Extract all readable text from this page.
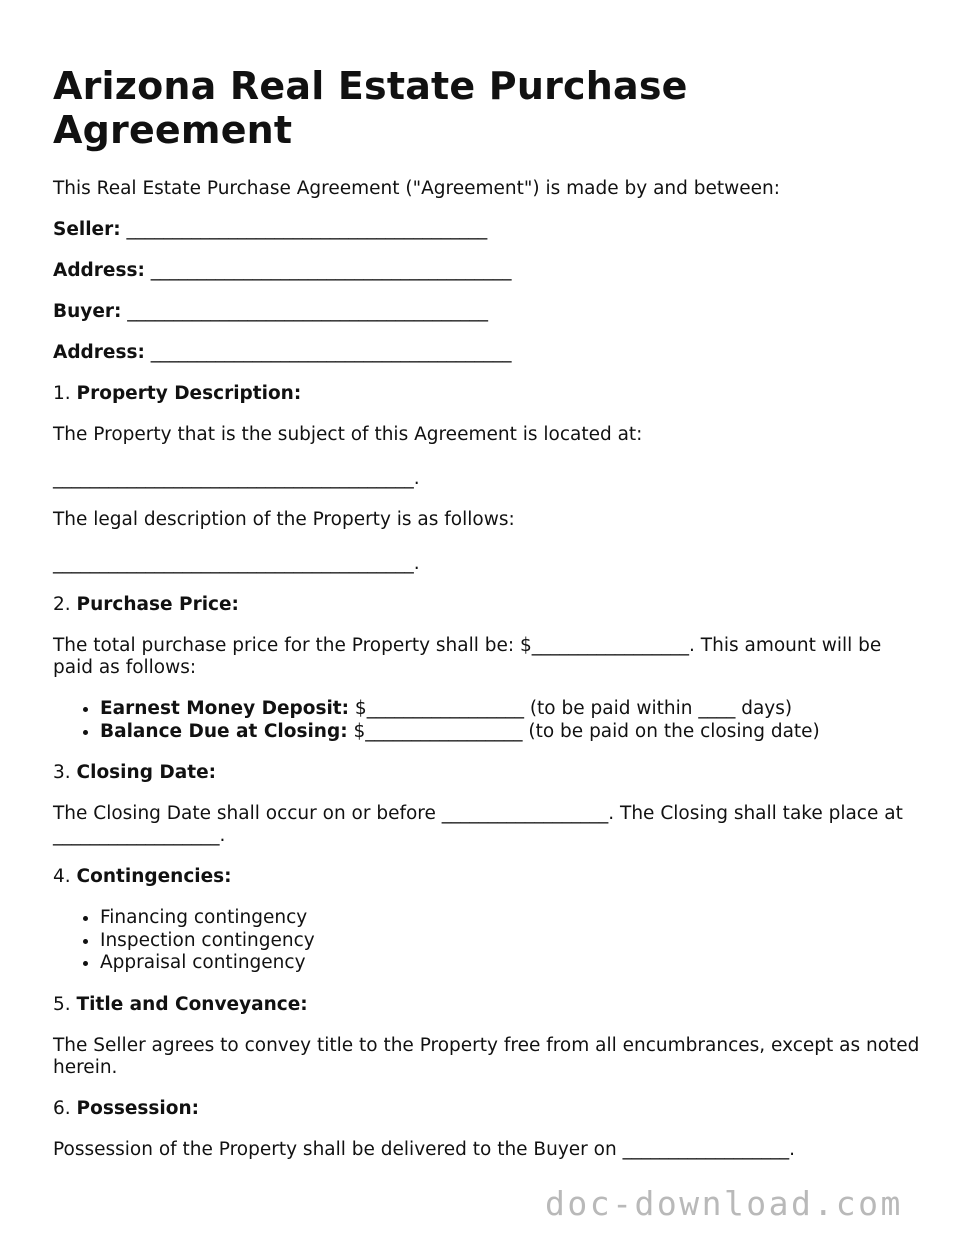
Arizona Real Estate Purchase Agreement

This Real Estate Purchase Agreement ("Agreement") is made by and between:

Seller: _______________________________________

Address: _______________________________________

Buyer: _______________________________________

Address: _______________________________________

1. Property Description:

The Property that is the subject of this Agreement is located at:

_______________________________________.

The legal description of the Property is as follows:

_______________________________________.

2. Purchase Price:

The total purchase price for the Property shall be: $_________________. This amount will be paid as follows:

• Earnest Money Deposit: $_________________ (to be paid within ____ days)
• Balance Due at Closing: $_________________ (to be paid on the closing date)

3. Closing Date:

The Closing Date shall occur on or before __________________. The Closing shall take place at __________________.

4. Contingencies:

• Financing contingency
• Inspection contingency
• Appraisal contingency

5. Title and Conveyance:

The Seller agrees to convey title to the Property free from all encumbrances, except as noted herein.

6. Possession:

Possession of the Property shall be delivered to the Buyer on __________________.

doc-download.com
